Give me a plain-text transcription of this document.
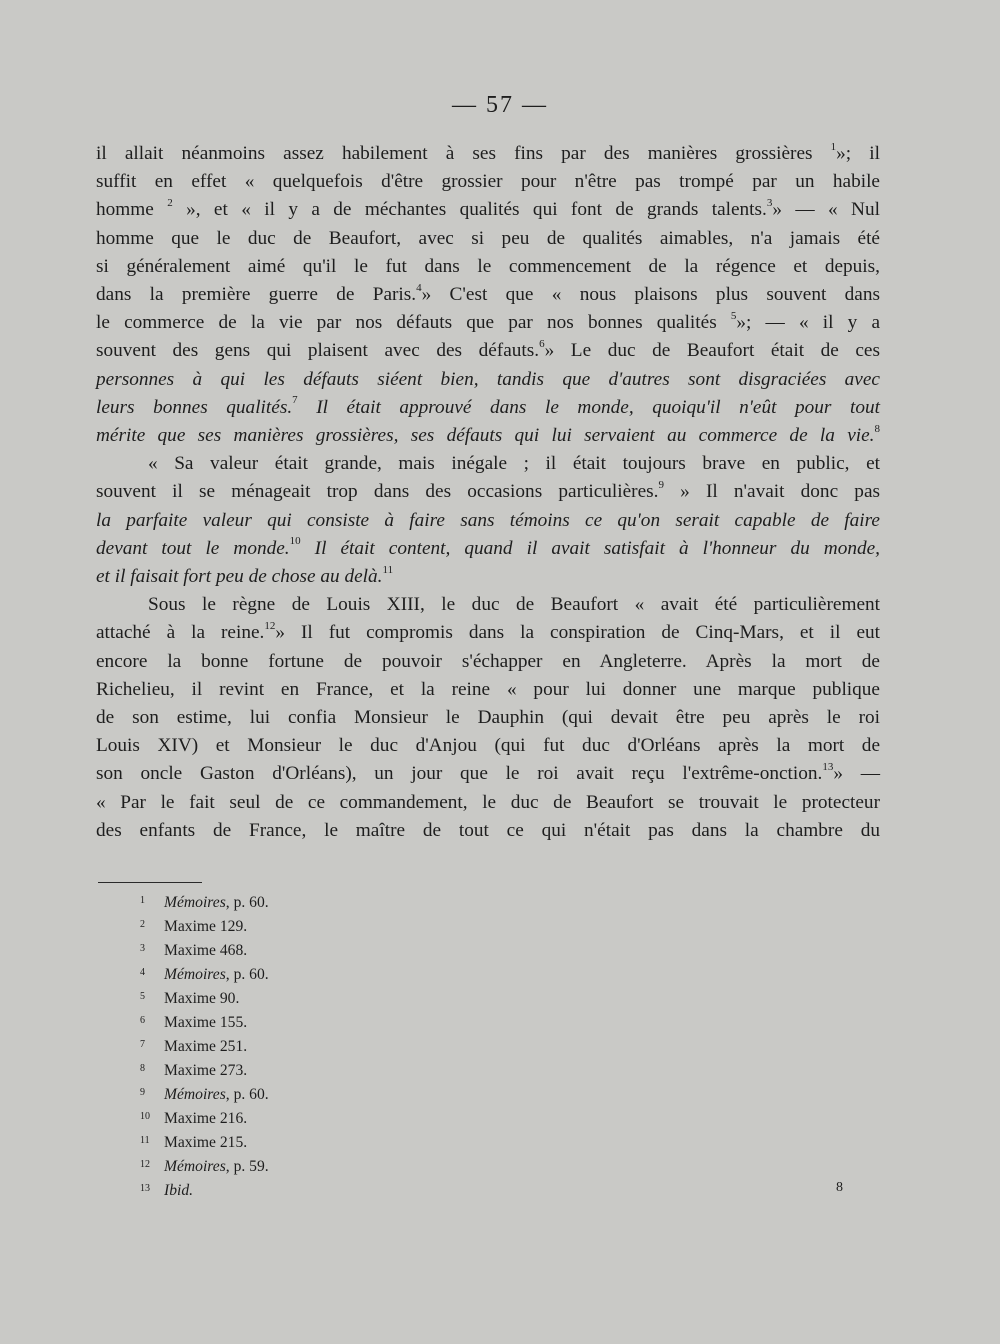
— 57 —
il allait néanmoins assez habilement à ses fins par des manières grossières $^1$»; il
suffit en effet « quelquefois d'être grossier pour n'être pas trompé par un habile
homme $^2$ », et « il y a de méchantes qualités qui font de grands talents.$^3$» — « Nul
homme que le duc de Beaufort, avec si peu de qualités aimables, n'a jamais été
si généralement aimé qu'il le fut dans le commencement de la régence et depuis,
dans la première guerre de Paris.$^4$» C'est que « nous plaisons plus souvent dans
le commerce de la vie par nos défauts que par nos bonnes qualités $^5$»; — « il y a
souvent des gens qui plaisent avec des défauts.$^6$» Le duc de Beaufort était de ces
personnes à qui les défauts siéent bien, tandis que d'autres sont disgraciées avec
leurs bonnes qualités.$^7$ Il était approuvé dans le monde, quoiqu'il n'eût pour tout
mérite que ses manières grossières, ses défauts qui lui servaient au commerce de la vie.$^8$
« Sa valeur était grande, mais inégale ; il était toujours brave en public, et
souvent il se ménageait trop dans des occasions particulières.$^9$ » Il n'avait donc pas
la parfaite valeur qui consiste à faire sans témoins ce qu'on serait capable de faire
devant tout le monde.$^{10}$ Il était content, quand il avait satisfait à l'honneur du monde,
et il faisait fort peu de chose au delà.$^{11}$
Sous le règne de Louis XIII, le duc de Beaufort « avait été particulièrement
attaché à la reine.$^{12}$» Il fut compromis dans la conspiration de Cinq-Mars, et il eut
encore la bonne fortune de pouvoir s'échapper en Angleterre. Après la mort de
Richelieu, il revint en France, et la reine « pour lui donner une marque publique
de son estime, lui confia Monsieur le Dauphin (qui devait être peu après le roi
Louis XIV) et Monsieur le duc d'Anjou (qui fut duc d'Orléans après la mort de
son oncle Gaston d'Orléans), un jour que le roi avait reçu l'extrême-onction.$^{13}$» —
« Par le fait seul de ce commandement, le duc de Beaufort se trouvait le protecteur
des enfants de France, le maître de tout ce qui n'était pas dans la chambre du
1 Mémoires, p. 60.
2 Maxime 129.
3 Maxime 468.
4 Mémoires, p. 60.
5 Maxime 90.
6 Maxime 155.
7 Maxime 251.
8 Maxime 273.
9 Mémoires, p. 60.
10 Maxime 216.
11 Maxime 215.
12 Mémoires, p. 59.
13 Ibid.	8
